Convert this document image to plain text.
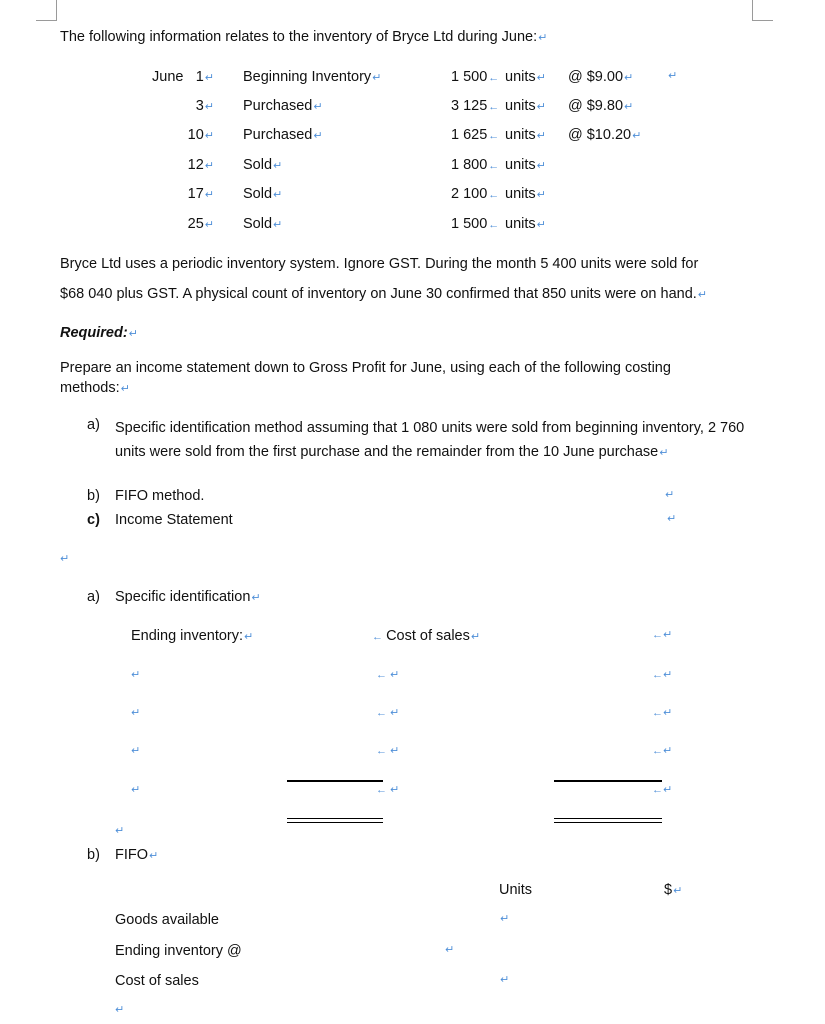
The following information relates to the inventory of Bryce Ltd during June:↵
June 1↵ Beginning Inventory↵	1 500← units↵ @ $9.00↵
3↵ Purchased↵	3 125← units↵ @ $9.80↵
10↵ Purchased↵	1 625← units↵ @ $10.20↵
12↵ Sold↵	1 800← units↵
17↵ Sold↵	2 100← units↵
25↵ Sold↵	1 500← units↵
↵
Bryce Ltd uses a periodic inventory system. Ignore GST. During the month 5 400 units were sold for
$68 040 plus GST. A physical count of inventory on June 30 confirmed that 850 units were on hand.↵
Required:↵
Prepare an income statement down to Gross Profit for June, using each of the following costing methods:↵
a) Specific identification method assuming that 1 080 units were sold from beginning inventory, 2 760 units were sold from the first purchase and the remainder from the 10 June purchase↵
b) FIFO method.	↵
c) Income Statement	↵
↵
a) Specific identification↵
Ending inventory:↵	← Cost of sales↵	←↵
↵	← ↵	←↵
↵	← ↵	←↵
↵	← ↵	←↵
↵	← ↵	←↵
↵
b) FIFO↵
Units	$↵
Goods available	↵
Ending inventory @	↵
Cost of sales	↵
↵
